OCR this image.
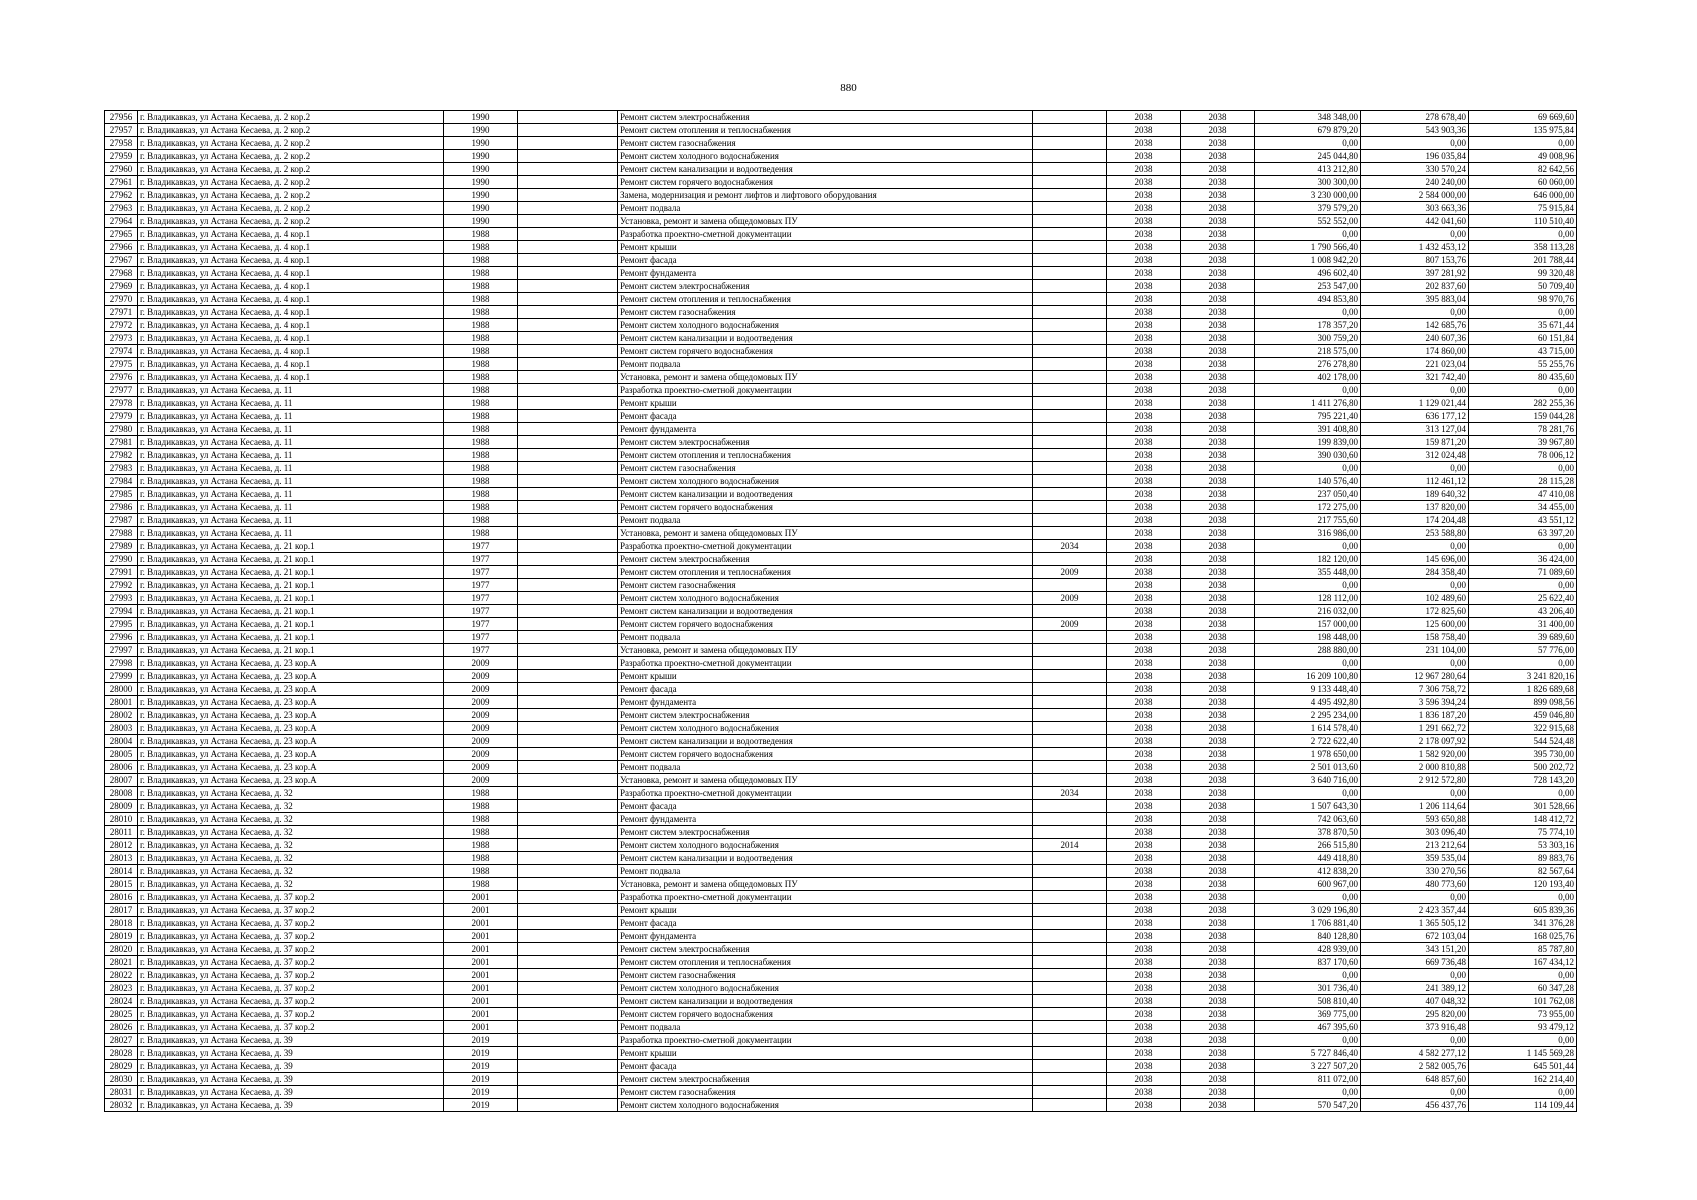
880
27956	г. Владикавказ, ул Астана Кесаева, д. 2 кор.2	1990		Ремонт систем электроснабжения		2038	2038	348 348,00	278 678,40	69 669,60
27957	г. Владикавказ, ул Астана Кесаева, д. 2 кор.2	1990		Ремонт систем отопления и теплоснабжения		2038	2038	679 879,20	543 903,36	135 975,84
27958	г. Владикавказ, ул Астана Кесаева, д. 2 кор.2	1990		Ремонт систем газоснабжения		2038	2038	0,00	0,00	0,00
27959	г. Владикавказ, ул Астана Кесаева, д. 2 кор.2	1990		Ремонт систем холодного водоснабжения		2038	2038	245 044,80	196 035,84	49 008,96
27960	г. Владикавказ, ул Астана Кесаева, д. 2 кор.2	1990		Ремонт систем канализации и водоотведения		2038	2038	413 212,80	330 570,24	82 642,56
27961	г. Владикавказ, ул Астана Кесаева, д. 2 кор.2	1990		Ремонт систем горячего водоснабжения		2038	2038	300 300,00	240 240,00	60 060,00
27962	г. Владикавказ, ул Астана Кесаева, д. 2 кор.2	1990		Замена, модернизация и ремонт лифтов и лифтового оборудования		2038	2038	3 230 000,00	2 584 000,00	646 000,00
27963	г. Владикавказ, ул Астана Кесаева, д. 2 кор.2	1990		Ремонт подвала		2038	2038	379 579,20	303 663,36	75 915,84
27964	г. Владикавказ, ул Астана Кесаева, д. 2 кор.2	1990		Установка, ремонт и замена общедомовых ПУ		2038	2038	552 552,00	442 041,60	110 510,40
27965	г. Владикавказ, ул Астана Кесаева, д. 4 кор.1	1988		Разработка проектно-сметной документации		2038	2038	0,00	0,00	0,00
27966	г. Владикавказ, ул Астана Кесаева, д. 4 кор.1	1988		Ремонт крыши		2038	2038	1 790 566,40	1 432 453,12	358 113,28
27967	г. Владикавказ, ул Астана Кесаева, д. 4 кор.1	1988		Ремонт фасада		2038	2038	1 008 942,20	807 153,76	201 788,44
27968	г. Владикавказ, ул Астана Кесаева, д. 4 кор.1	1988		Ремонт фундамента		2038	2038	496 602,40	397 281,92	99 320,48
27969	г. Владикавказ, ул Астана Кесаева, д. 4 кор.1	1988		Ремонт систем электроснабжения		2038	2038	253 547,00	202 837,60	50 709,40
27970	г. Владикавказ, ул Астана Кесаева, д. 4 кор.1	1988		Ремонт систем отопления и теплоснабжения		2038	2038	494 853,80	395 883,04	98 970,76
27971	г. Владикавказ, ул Астана Кесаева, д. 4 кор.1	1988		Ремонт систем газоснабжения		2038	2038	0,00	0,00	0,00
27972	г. Владикавказ, ул Астана Кесаева, д. 4 кор.1	1988		Ремонт систем холодного водоснабжения		2038	2038	178 357,20	142 685,76	35 671,44
27973	г. Владикавказ, ул Астана Кесаева, д. 4 кор.1	1988		Ремонт систем канализации и водоотведения		2038	2038	300 759,20	240 607,36	60 151,84
27974	г. Владикавказ, ул Астана Кесаева, д. 4 кор.1	1988		Ремонт систем горячего водоснабжения		2038	2038	218 575,00	174 860,00	43 715,00
27975	г. Владикавказ, ул Астана Кесаева, д. 4 кор.1	1988		Ремонт подвала		2038	2038	276 278,80	221 023,04	55 255,76
27976	г. Владикавказ, ул Астана Кесаева, д. 4 кор.1	1988		Установка, ремонт и замена общедомовых ПУ		2038	2038	402 178,00	321 742,40	80 435,60
27977	г. Владикавказ, ул Астана Кесаева, д. 11	1988		Разработка проектно-сметной документации		2038	2038	0,00	0,00	0,00
27978	г. Владикавказ, ул Астана Кесаева, д. 11	1988		Ремонт крыши		2038	2038	1 411 276,80	1 129 021,44	282 255,36
27979	г. Владикавказ, ул Астана Кесаева, д. 11	1988		Ремонт фасада		2038	2038	795 221,40	636 177,12	159 044,28
27980	г. Владикавказ, ул Астана Кесаева, д. 11	1988		Ремонт фундамента		2038	2038	391 408,80	313 127,04	78 281,76
27981	г. Владикавказ, ул Астана Кесаева, д. 11	1988		Ремонт систем электроснабжения		2038	2038	199 839,00	159 871,20	39 967,80
27982	г. Владикавказ, ул Астана Кесаева, д. 11	1988		Ремонт систем отопления и теплоснабжения		2038	2038	390 030,60	312 024,48	78 006,12
27983	г. Владикавказ, ул Астана Кесаева, д. 11	1988		Ремонт систем газоснабжения		2038	2038	0,00	0,00	0,00
27984	г. Владикавказ, ул Астана Кесаева, д. 11	1988		Ремонт систем холодного водоснабжения		2038	2038	140 576,40	112 461,12	28 115,28
27985	г. Владикавказ, ул Астана Кесаева, д. 11	1988		Ремонт систем канализации и водоотведения		2038	2038	237 050,40	189 640,32	47 410,08
27986	г. Владикавказ, ул Астана Кесаева, д. 11	1988		Ремонт систем горячего водоснабжения		2038	2038	172 275,00	137 820,00	34 455,00
27987	г. Владикавказ, ул Астана Кесаева, д. 11	1988		Ремонт подвала		2038	2038	217 755,60	174 204,48	43 551,12
27988	г. Владикавказ, ул Астана Кесаева, д. 11	1988		Установка, ремонт и замена общедомовых ПУ		2038	2038	316 986,00	253 588,80	63 397,20
27989	г. Владикавказ, ул Астана Кесаева, д. 21 кор.1	1977		Разработка проектно-сметной документации	2034	2038	2038	0,00	0,00	0,00
27990	г. Владикавказ, ул Астана Кесаева, д. 21 кор.1	1977		Ремонт систем электроснабжения		2038	2038	182 120,00	145 696,00	36 424,00
27991	г. Владикавказ, ул Астана Кесаева, д. 21 кор.1	1977		Ремонт систем отопления и теплоснабжения	2009	2038	2038	355 448,00	284 358,40	71 089,60
27992	г. Владикавказ, ул Астана Кесаева, д. 21 кор.1	1977		Ремонт систем газоснабжения		2038	2038	0,00	0,00	0,00
27993	г. Владикавказ, ул Астана Кесаева, д. 21 кор.1	1977		Ремонт систем холодного водоснабжения	2009	2038	2038	128 112,00	102 489,60	25 622,40
27994	г. Владикавказ, ул Астана Кесаева, д. 21 кор.1	1977		Ремонт систем канализации и водоотведения		2038	2038	216 032,00	172 825,60	43 206,40
27995	г. Владикавказ, ул Астана Кесаева, д. 21 кор.1	1977		Ремонт систем горячего водоснабжения	2009	2038	2038	157 000,00	125 600,00	31 400,00
27996	г. Владикавказ, ул Астана Кесаева, д. 21 кор.1	1977		Ремонт подвала		2038	2038	198 448,00	158 758,40	39 689,60
27997	г. Владикавказ, ул Астана Кесаева, д. 21 кор.1	1977		Установка, ремонт и замена общедомовых ПУ		2038	2038	288 880,00	231 104,00	57 776,00
27998	г. Владикавказ, ул Астана Кесаева, д. 23 кор.А	2009		Разработка проектно-сметной документации		2038	2038	0,00	0,00	0,00
27999	г. Владикавказ, ул Астана Кесаева, д. 23 кор.А	2009		Ремонт крыши		2038	2038	16 209 100,80	12 967 280,64	3 241 820,16
28000	г. Владикавказ, ул Астана Кесаева, д. 23 кор.А	2009		Ремонт фасада		2038	2038	9 133 448,40	7 306 758,72	1 826 689,68
28001	г. Владикавказ, ул Астана Кесаева, д. 23 кор.А	2009		Ремонт фундамента		2038	2038	4 495 492,80	3 596 394,24	899 098,56
28002	г. Владикавказ, ул Астана Кесаева, д. 23 кор.А	2009		Ремонт систем электроснабжения		2038	2038	2 295 234,00	1 836 187,20	459 046,80
28003	г. Владикавказ, ул Астана Кесаева, д. 23 кор.А	2009		Ремонт систем холодного водоснабжения		2038	2038	1 614 578,40	1 291 662,72	322 915,68
28004	г. Владикавказ, ул Астана Кесаева, д. 23 кор.А	2009		Ремонт систем канализации и водоотведения		2038	2038	2 722 622,40	2 178 097,92	544 524,48
28005	г. Владикавказ, ул Астана Кесаева, д. 23 кор.А	2009		Ремонт систем горячего водоснабжения		2038	2038	1 978 650,00	1 582 920,00	395 730,00
28006	г. Владикавказ, ул Астана Кесаева, д. 23 кор.А	2009		Ремонт подвала		2038	2038	2 501 013,60	2 000 810,88	500 202,72
28007	г. Владикавказ, ул Астана Кесаева, д. 23 кор.А	2009		Установка, ремонт и замена общедомовых ПУ		2038	2038	3 640 716,00	2 912 572,80	728 143,20
28008	г. Владикавказ, ул Астана Кесаева, д. 32	1988		Разработка проектно-сметной документации	2034	2038	2038	0,00	0,00	0,00
28009	г. Владикавказ, ул Астана Кесаева, д. 32	1988		Ремонт фасада		2038	2038	1 507 643,30	1 206 114,64	301 528,66
28010	г. Владикавказ, ул Астана Кесаева, д. 32	1988		Ремонт фундамента		2038	2038	742 063,60	593 650,88	148 412,72
28011	г. Владикавказ, ул Астана Кесаева, д. 32	1988		Ремонт систем электроснабжения		2038	2038	378 870,50	303 096,40	75 774,10
28012	г. Владикавказ, ул Астана Кесаева, д. 32	1988		Ремонт систем холодного водоснабжения	2014	2038	2038	266 515,80	213 212,64	53 303,16
28013	г. Владикавказ, ул Астана Кесаева, д. 32	1988		Ремонт систем канализации и водоотведения		2038	2038	449 418,80	359 535,04	89 883,76
28014	г. Владикавказ, ул Астана Кесаева, д. 32	1988		Ремонт подвала		2038	2038	412 838,20	330 270,56	82 567,64
28015	г. Владикавказ, ул Астана Кесаева, д. 32	1988		Установка, ремонт и замена общедомовых ПУ		2038	2038	600 967,00	480 773,60	120 193,40
28016	г. Владикавказ, ул Астана Кесаева, д. 37 кор.2	2001		Разработка проектно-сметной документации		2038	2038	0,00	0,00	0,00
28017	г. Владикавказ, ул Астана Кесаева, д. 37 кор.2	2001		Ремонт крыши		2038	2038	3 029 196,80	2 423 357,44	605 839,36
28018	г. Владикавказ, ул Астана Кесаева, д. 37 кор.2	2001		Ремонт фасада		2038	2038	1 706 881,40	1 365 505,12	341 376,28
28019	г. Владикавказ, ул Астана Кесаева, д. 37 кор.2	2001		Ремонт фундамента		2038	2038	840 128,80	672 103,04	168 025,76
28020	г. Владикавказ, ул Астана Кесаева, д. 37 кор.2	2001		Ремонт систем электроснабжения		2038	2038	428 939,00	343 151,20	85 787,80
28021	г. Владикавказ, ул Астана Кесаева, д. 37 кор.2	2001		Ремонт систем отопления и теплоснабжения		2038	2038	837 170,60	669 736,48	167 434,12
28022	г. Владикавказ, ул Астана Кесаева, д. 37 кор.2	2001		Ремонт систем газоснабжения		2038	2038	0,00	0,00	0,00
28023	г. Владикавказ, ул Астана Кесаева, д. 37 кор.2	2001		Ремонт систем холодного водоснабжения		2038	2038	301 736,40	241 389,12	60 347,28
28024	г. Владикавказ, ул Астана Кесаева, д. 37 кор.2	2001		Ремонт систем канализации и водоотведения		2038	2038	508 810,40	407 048,32	101 762,08
28025	г. Владикавказ, ул Астана Кесаева, д. 37 кор.2	2001		Ремонт систем горячего водоснабжения		2038	2038	369 775,00	295 820,00	73 955,00
28026	г. Владикавказ, ул Астана Кесаева, д. 37 кор.2	2001		Ремонт подвала		2038	2038	467 395,60	373 916,48	93 479,12
28027	г. Владикавказ, ул Астана Кесаева, д. 39	2019		Разработка проектно-сметной документации		2038	2038	0,00	0,00	0,00
28028	г. Владикавказ, ул Астана Кесаева, д. 39	2019		Ремонт крыши		2038	2038	5 727 846,40	4 582 277,12	1 145 569,28
28029	г. Владикавказ, ул Астана Кесаева, д. 39	2019		Ремонт фасада		2038	2038	3 227 507,20	2 582 005,76	645 501,44
28030	г. Владикавказ, ул Астана Кесаева, д. 39	2019		Ремонт систем электроснабжения		2038	2038	811 072,00	648 857,60	162 214,40
28031	г. Владикавказ, ул Астана Кесаева, д. 39	2019		Ремонт систем газоснабжения		2038	2038	0,00	0,00	0,00
28032	г. Владикавказ, ул Астана Кесаева, д. 39	2019		Ремонт систем холодного водоснабжения		2038	2038	570 547,20	456 437,76	114 109,44
